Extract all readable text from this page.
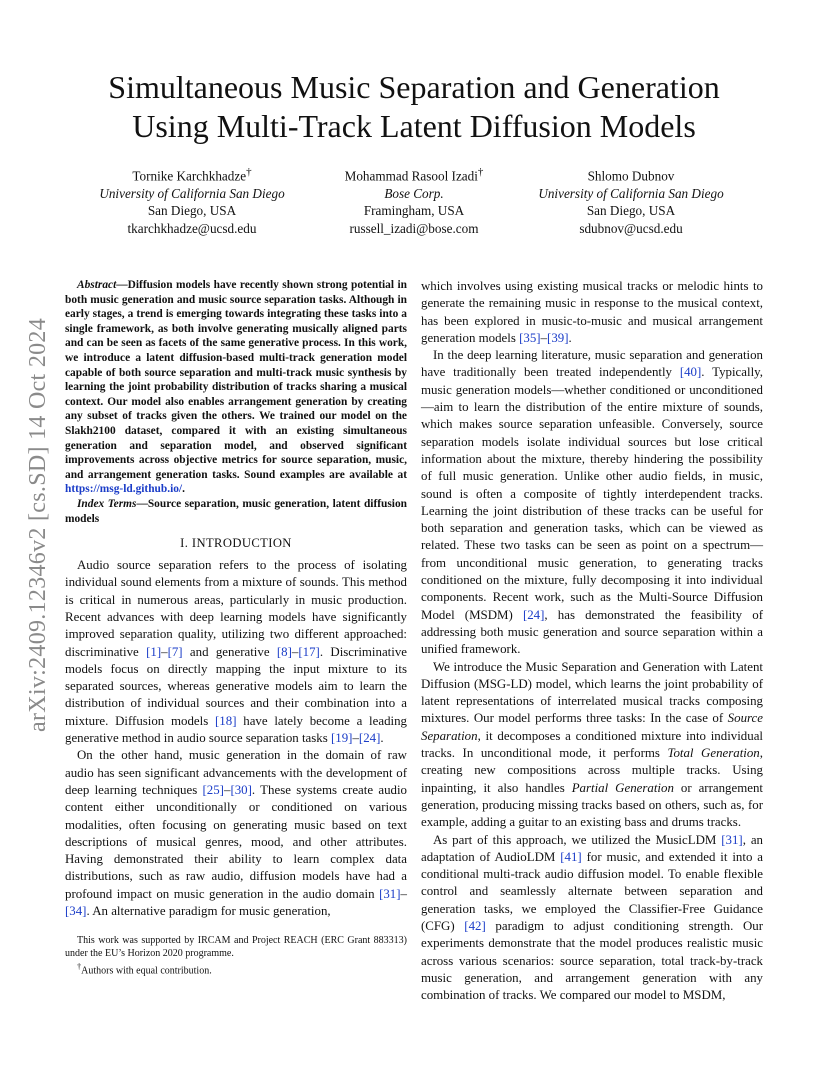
Simultaneous Music Separation and Generation
Using Multi-Track Latent Diffusion Models
Tornike Karchkhadze†
University of California San Diego
San Diego, USA
tkarchkhadze@ucsd.edu
Mohammad Rasool Izadi†
Bose Corp.
Framingham, USA
russell_izadi@bose.com
Shlomo Dubnov
University of California San Diego
San Diego, USA
sdubnov@ucsd.edu
arXiv:2409.12346v2 [cs.SD] 14 Oct 2024

Abstract—Diffusion models have recently shown strong potential in both music generation and music source separation tasks. Although in early stages, a trend is emerging towards integrating these tasks into a single framework, as both involve generating musically aligned parts and can be seen as facets of the same generative process. In this work, we introduce a latent diffusion-based multi-track generation model capable of both source separation and multi-track music synthesis by learning the joint probability distribution of tracks sharing a musical context. Our model also enables arrangement generation by creating any subset of tracks given the others. We trained our model on the Slakh2100 dataset, compared it with an existing simultaneous generation and separation model, and observed significant improvements across objective metrics for source separation, music, and arrangement generation tasks. Sound examples are available at https://msg-ld.github.io/.

Index Terms—Source separation, music generation, latent diffusion models

I. INTRODUCTION

Audio source separation refers to the process of isolating individual sound elements from a mixture of sounds. This method is critical in numerous areas, particularly in music production. Recent advances with deep learning models have significantly improved separation quality, utilizing two different approached: discriminative [1]–[7] and generative [8]–[17]. Discriminative models focus on directly mapping the input mixture to its separated sources, whereas generative models aim to learn the distribution of individual sources and their combination into a mixture. Diffusion models [18] have lately become a leading generative method in audio source separation tasks [19]–[24].

On the other hand, music generation in the domain of raw audio has seen significant advancements with the development of deep learning techniques [25]–[30]. These systems create audio content either unconditionally or conditioned on various modalities, often focusing on generating music based on text descriptions of musical genres, mood, and other attributes. Having demonstrated their ability to learn complex data distributions, such as raw audio, diffusion models have had a profound impact on music generation in the audio domain [31]–[34]. An alternative paradigm for music generation,

This work was supported by IRCAM and Project REACH (ERC Grant 883313) under the EU’s Horizon 2020 programme.

†Authors with equal contribution.

which involves using existing musical tracks or melodic hints to generate the remaining music in response to the musical context, has been explored in music-to-music and musical arrangement generation models [35]–[39].

In the deep learning literature, music separation and generation have traditionally been treated independently [40]. Typically, music generation models—whether conditioned or unconditioned—aim to learn the distribution of the entire mixture of sounds, which makes source separation unfeasible. Conversely, source separation models isolate individual sources but lose critical information about the mixture, thereby hindering the possibility of full music generation. Unlike other audio fields, in music, sound is often a composite of tightly interdependent tracks. Learning the joint distribution of these tracks can be useful for both separation and generation tasks, which can be viewed as related. These two tasks can be seen as point on a spectrum—from unconditional music generation, to generating tracks conditioned on the mixture, fully decomposing it into individual components. Recent work, such as the Multi-Source Diffusion Model (MSDM) [24], has demonstrated the feasibility of addressing both music generation and source separation within a unified framework.

We introduce the Music Separation and Generation with Latent Diffusion (MSG-LD) model, which learns the joint probability of latent representations of interrelated musical tracks composing mixtures. Our model performs three tasks: In the case of Source Separation, it decomposes a conditioned mixture into individual tracks. In unconditional mode, it performs Total Generation, creating new compositions across multiple tracks. Using inpainting, it also handles Partial Generation or arrangement generation, producing missing tracks based on others, such as, for example, adding a guitar to an existing bass and drums tracks.

As part of this approach, we utilized the MusicLDM [31], an adaptation of AudioLDM [41] for music, and extended it into a conditional multi-track audio diffusion model. To enable flexible control and seamlessly alternate between separation and generation tasks, we employed the Classifier-Free Guidance (CFG) [42] paradigm to adjust conditioning strength. Our experiments demonstrate that the model produces realistic music across various scenarios: source separation, total track-by-track music generation, and arrangement generation with any combination of tracks. We compared our model to MSDM,
